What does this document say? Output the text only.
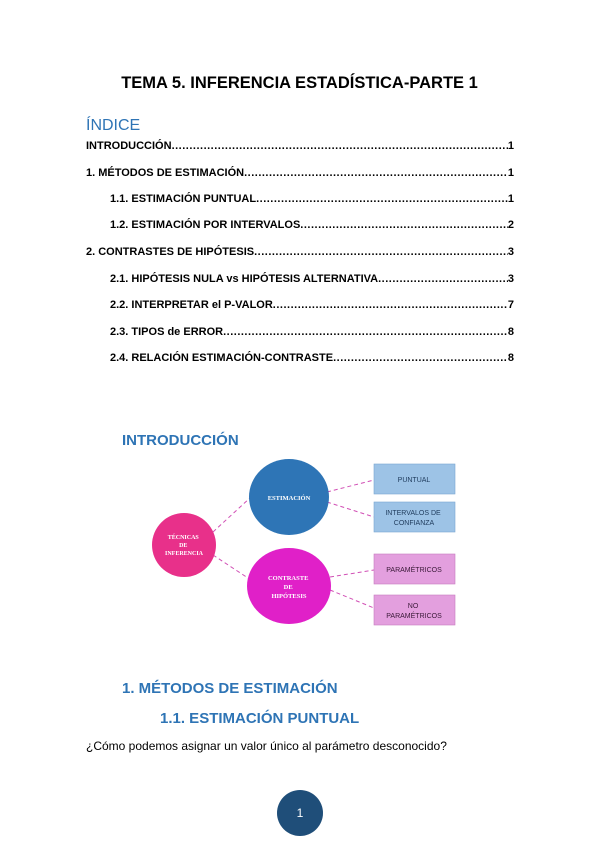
TEMA 5. INFERENCIA ESTADÍSTICA-PARTE 1
ÍNDICE
INTRODUCCIÓN .....	1
1. MÉTODOS DE ESTIMACIÓN .....	1
1.1. ESTIMACIÓN PUNTUAL .....	1
1.2. ESTIMACIÓN POR INTERVALOS .....	2
2. CONTRASTES DE HIPÓTESIS .....	3
2.1. HIPÓTESIS NULA vs HIPÓTESIS ALTERNATIVA .....	3
2.2. INTERPRETAR el P-VALOR .....	7
2.3. TIPOS de ERROR .....	8
2.4. RELACIÓN ESTIMACIÓN-CONTRASTE .....	8
INTRODUCCIÓN
TÉCNICAS DE INFERENCIA
ESTIMACIÓN
CONTRASTE DE HIPÓTESIS
PUNTUAL
INTERVALOS DE CONFIANZA
PARAMÉTRICOS
NO PARAMÉTRICOS
1. MÉTODOS DE ESTIMACIÓN
1.1. ESTIMACIÓN PUNTUAL
¿Cómo podemos asignar un valor único al parámetro desconocido?
1
